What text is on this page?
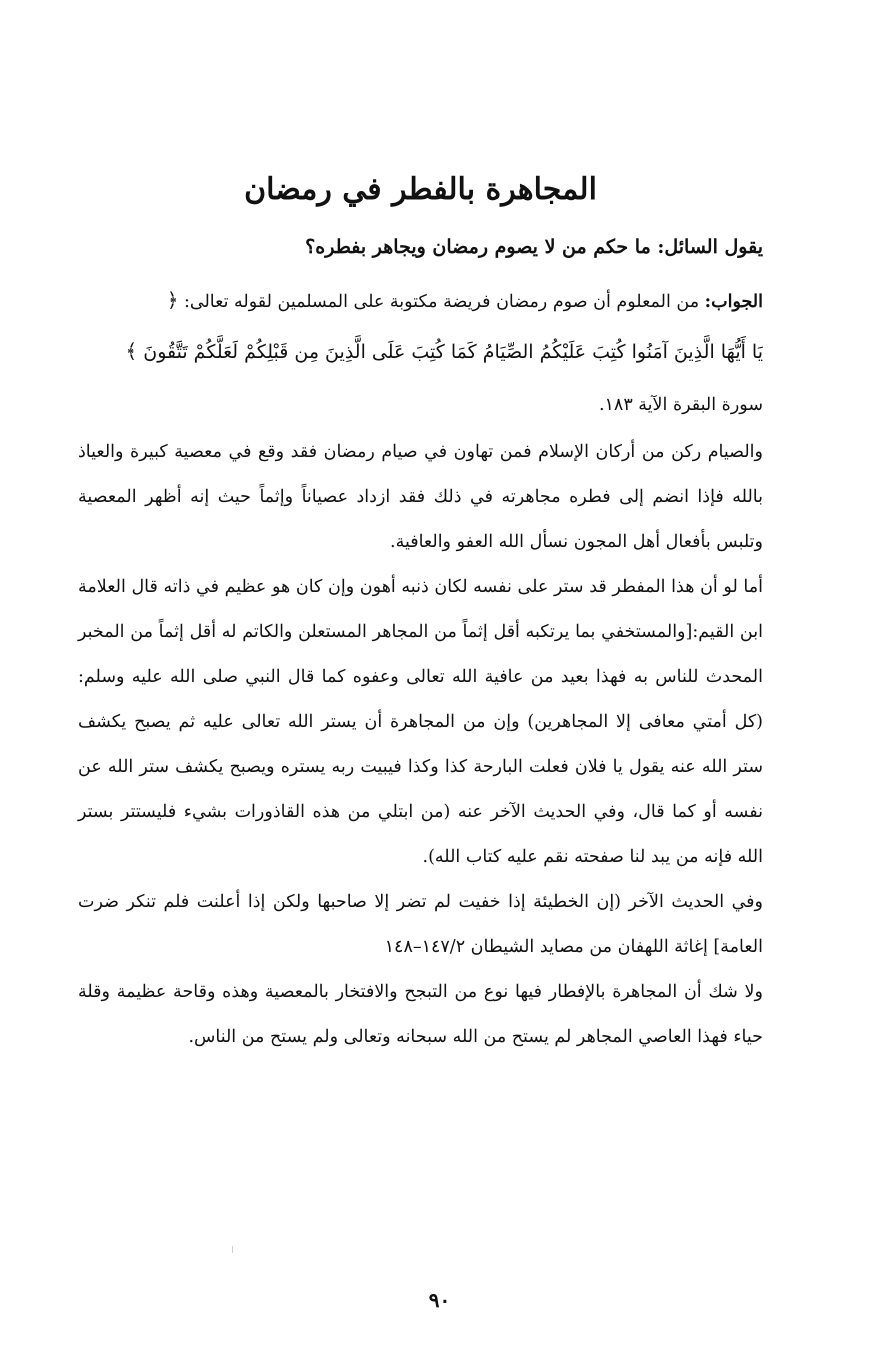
المجاهرة بالفطر في رمضان

يقول السائل: ما حكم من لا يصوم رمضان ويجاهر بفطره؟

الجواب: من المعلوم أن صوم رمضان فريضة مكتوبة على المسلمين لقوله تعالى: ﴿

يَا أَيُّهَا الَّذِينَ آمَنُوا كُتِبَ عَلَيْكُمُ الصِّيَامُ كَمَا كُتِبَ عَلَى الَّذِينَ مِن قَبْلِكُمْ لَعَلَّكُمْ تَتَّقُونَ ﴾

سورة البقرة الآية ١٨٣.

والصيام ركن من أركان الإسلام فمن تهاون في صيام رمضان فقد وقع في معصية كبيرة والعياذ بالله فإذا انضم إلى فطره مجاهرته في ذلك فقد ازداد عصياناً وإثماً حيث إنه أظهر المعصية وتلبس بأفعال أهل المجون نسأل الله العفو والعافية.

أما لو أن هذا المفطر قد ستر على نفسه لكان ذنبه أهون وإن كان هو عظيم في ذاته قال العلامة ابن القيم:[والمستخفي بما يرتكبه أقل إثماً من المجاهر المستعلن والكاتم له أقل إثماً من المخبر المحدث للناس به فهذا بعيد من عافية الله تعالى وعفوه كما قال النبي صلى الله عليه وسلم:(كل أمتي معافى إلا المجاهرين) وإن من المجاهرة أن يستر الله تعالى عليه ثم يصبح يكشف ستر الله عنه يقول يا فلان فعلت البارحة كذا وكذا فيبيت ربه يستره ويصبح يكشف ستر الله عن نفسه أو كما قال، وفي الحديث الآخر عنه (من ابتلي من هذه القاذورات بشيء فليستتر بستر الله فإنه من يبد لنا صفحته نقم عليه كتاب الله).

وفي الحديث الآخر (إن الخطيئة إذا خفيت لم تضر إلا صاحبها ولكن إذا أعلنت فلم تنكر ضرت العامة] إغاثة اللهفان من مصايد الشيطان ١٤٧/٢–١٤٨

ولا شك أن المجاهرة بالإفطار فيها نوع من التبجح والافتخار بالمعصية وهذه وقاحة عظيمة وقلة حياء فهذا العاصي المجاهر لم يستح من الله سبحانه وتعالى ولم يستح من الناس.

٩٠
